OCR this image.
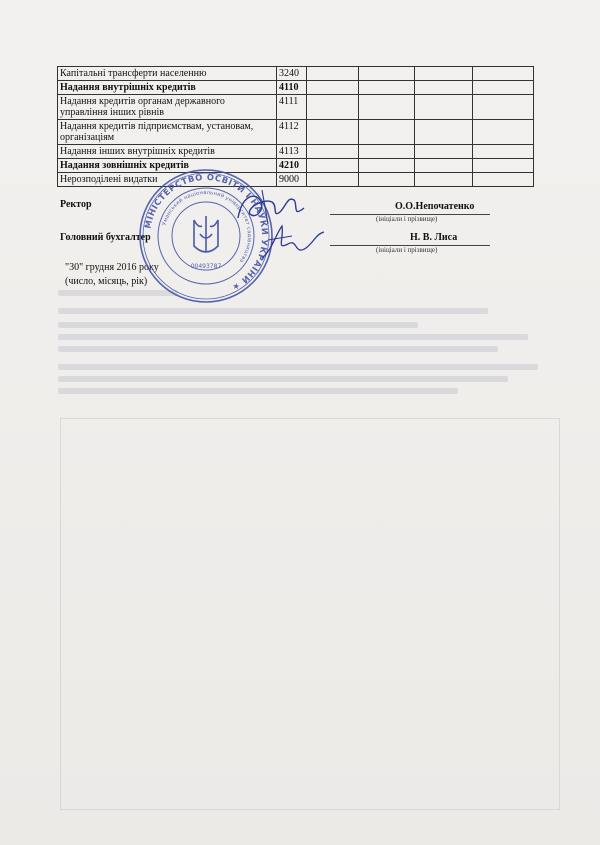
Капітальні трансферти населенню	3240				
Надання внутрішніх кредитів	4110				
Надання кредитів органам державного управління інших рівнів	4111				
Надання кредитів підприємствам, установам, організаціям	4112				
Надання інших внутрішніх кредитів	4113				
Надання зовнішніх кредитів	4210				
Нерозподілені видатки	9000				
Ректор	О.О.Непочатенко
(ініціали і прізвище)
Головний бухгалтер	Н. В. Лиса
(ініціали і прізвище)
"30" грудня 2016 року
(число, місяць, рік)
МІНІСТЕРСТВО ОСВІТИ І НАУКИ УКРАЇНИ ★
Уманський національний університет садівництва
00493787
